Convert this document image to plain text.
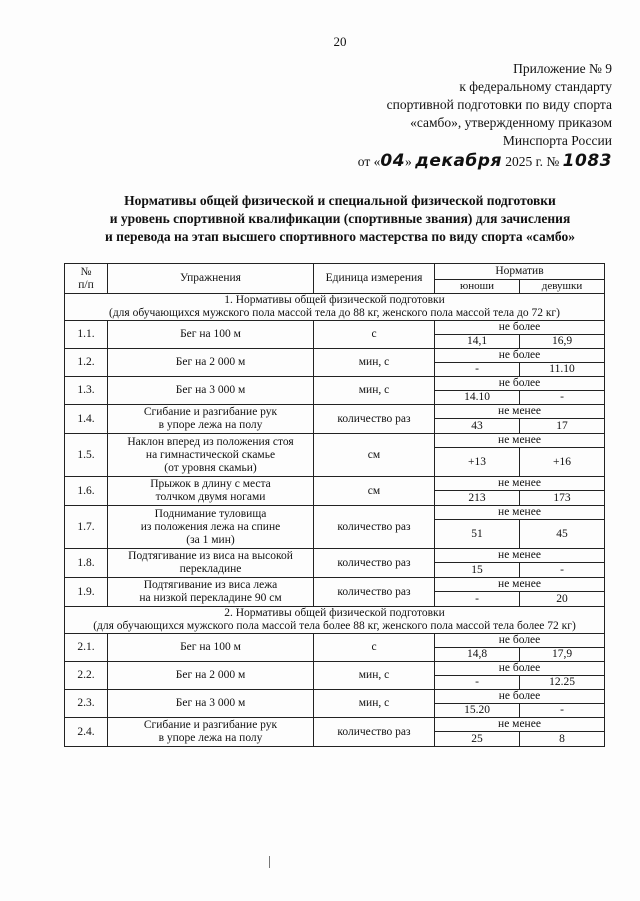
20
Приложение № 9
к федеральному стандарту
спортивной подготовки по виду спорта
«самбо», утвержденному приказом
Минспорта России
от «04» декабря 2025 г. № 1083
Нормативы общей физической и специальной физической подготовки
и уровень спортивной квалификации (спортивные звания) для зачисления
и перевода на этап высшего спортивного мастерства по виду спорта «самбо»
№
п/п	Упражнения	Единица измерения	Норматив	
			юноши	девушки

1. Нормативы общей физической подготовки
(для обучающихся мужского пола массой тела до 88 кг, женского пола массой тела до 72 кг)				

1.1.	Бег на 100 м	с	не более	
			14,1	16,9
1.2.	Бег на 2 000 м	мин, с	не более	
			-	11.10
1.3.	Бег на 3 000 м	мин, с	не более	
			14.10	-
1.4.	Сгибание и разгибание рук
в упоре лежа на полу	количество раз	не менее	
			43	17
1.5.	Наклон вперед из положения стоя
на гимнастической скамье
(от уровня скамьи)	см	не менее	
			+13	+16
1.6.	Прыжок в длину с места
толчком двумя ногами	см	не менее	
			213	173
1.7.	Поднимание туловища
из положения лежа на спине
(за 1 мин)	количество раз	не менее	
			51	45
1.8.	Подтягивание из виса на высокой
перекладине	количество раз	не менее	
			15	-
1.9.	Подтягивание из виса лежа
на низкой перекладине 90 см	количество раз	не менее	
			-	20

2. Нормативы общей физической подготовки
(для обучающихся мужского пола массой тела более 88 кг, женского пола массой тела более 72 кг)				

2.1.	Бег на 100 м	с	не более	
			14,8	17,9
2.2.	Бег на 2 000 м	мин, с	не более	
			-	12.25
2.3.	Бег на 3 000 м	мин, с	не более	
			15.20	-
2.4.	Сгибание и разгибание рук
в упоре лежа на полу	количество раз	не менее	
			25	8
